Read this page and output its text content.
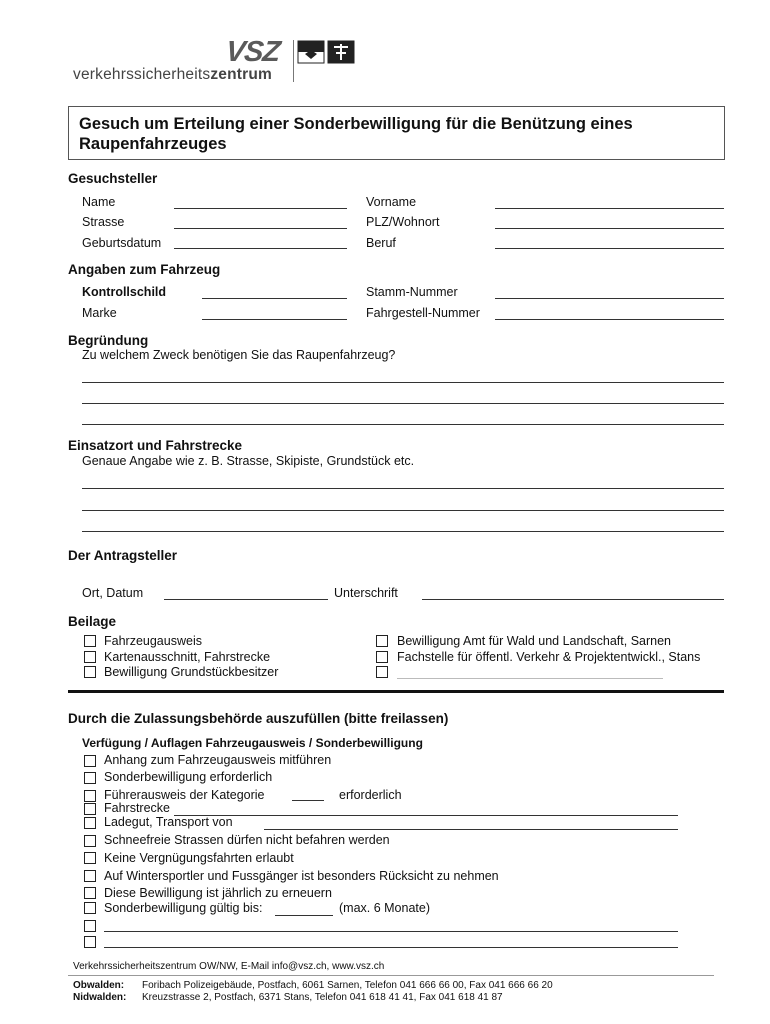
VSZ
verkehrssicherheitszentrum
Gesuch um Erteilung einer Sonderbewilligung für die Benützung eines Raupenfahrzeuges
Gesuchsteller
Name	Vorname
Strasse	PLZ/Wohnort
Geburtsdatum	Beruf
Angaben zum Fahrzeug
Kontrollschild	Stamm-Nummer
Marke	Fahrgestell-Nummer
Begründung
Zu welchem Zweck benötigen Sie das Raupenfahrzeug?
Einsatzort und Fahrstrecke
Genaue Angabe wie z. B. Strasse, Skipiste, Grundstück etc.
Der Antragsteller
Ort, Datum	Unterschrift
Beilage
Fahrzeugausweis
Kartenausschnitt, Fahrstrecke
Bewilligung Grundstückbesitzer
Bewilligung Amt für Wald und Landschaft, Sarnen
Fachstelle für öffentl. Verkehr & Projektentwickl., Stans
Durch die Zulassungsbehörde auszufüllen (bitte freilassen)
Verfügung / Auflagen Fahrzeugausweis / Sonderbewilligung
Anhang zum Fahrzeugausweis mitführen
Sonderbewilligung erforderlich
Führerausweis der Kategorie	erforderlich
Fahrstrecke
Ladegut, Transport von
Schneefreie Strassen dürfen nicht befahren werden
Keine Vergnügungsfahrten erlaubt
Auf Wintersportler und Fussgänger ist besonders Rücksicht zu nehmen
Diese Bewilligung ist jährlich zu erneuern
Sonderbewilligung gültig bis:	(max. 6 Monate)
Verkehrssicherheitszentrum OW/NW, E-Mail info@vsz.ch, www.vsz.ch
Obwalden: Foribach Polizeigebäude, Postfach, 6061 Sarnen, Telefon 041 666 66 00, Fax 041 666 66 20
Nidwalden: Kreuzstrasse 2, Postfach, 6371 Stans, Telefon 041 618 41 41, Fax 041 618 41 87
